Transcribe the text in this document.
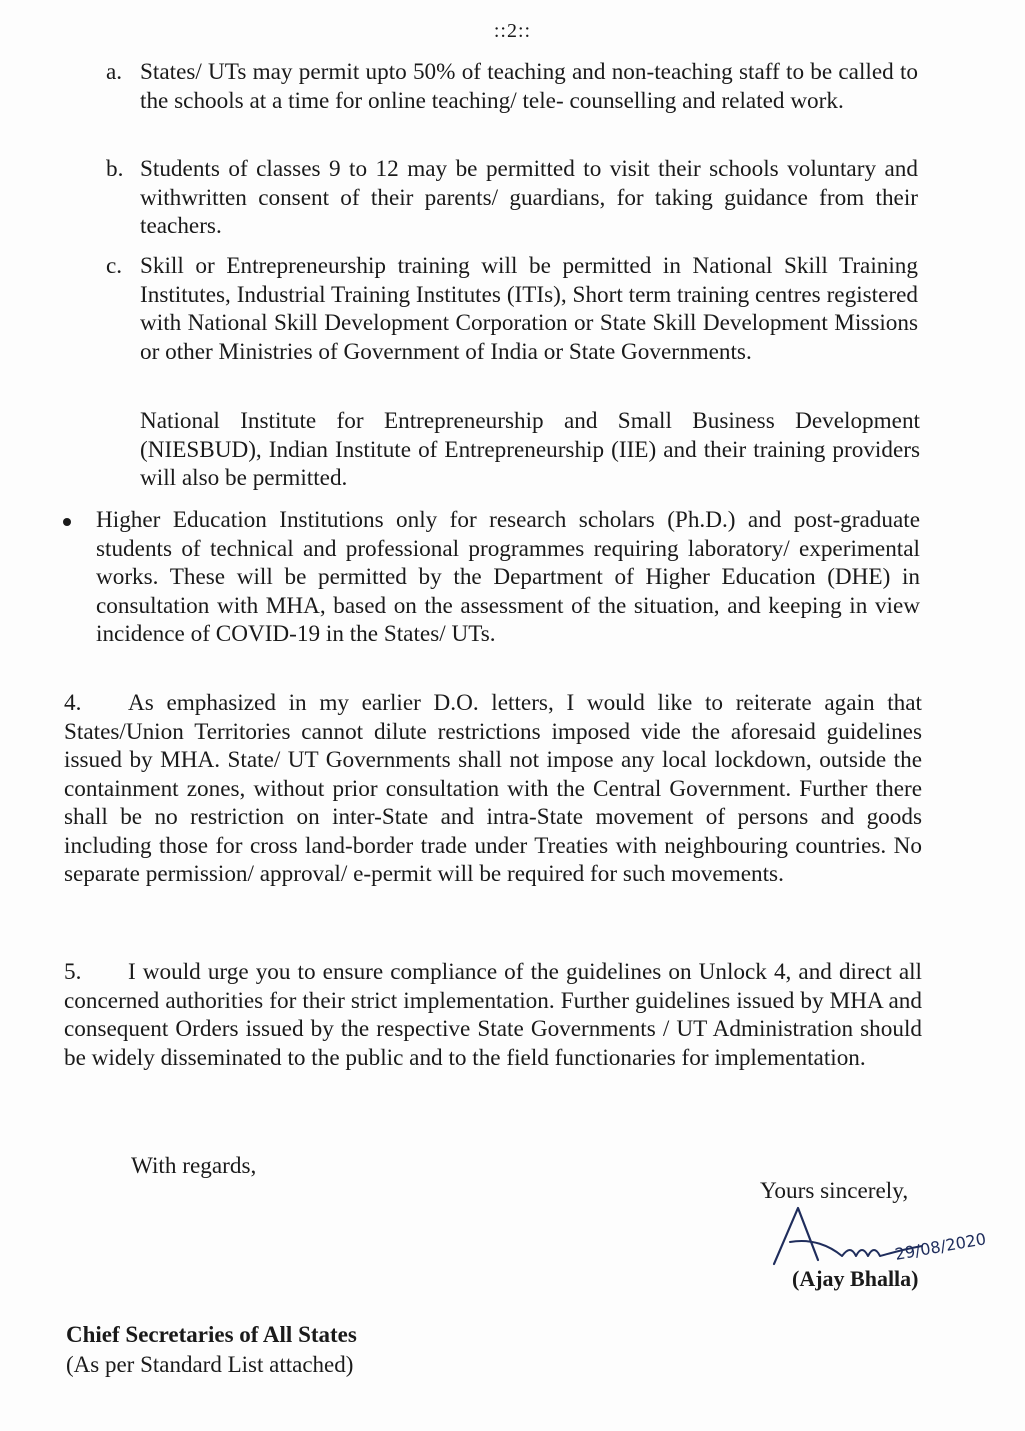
::2::
a. States/ UTs may permit upto 50% of teaching and non-teaching staff to be called to the schools at a time for online teaching/ tele- counselling and related work.
b. Students of classes 9 to 12 may be permitted to visit their schools voluntary and withwritten consent of their parents/ guardians, for taking guidance from their teachers.
c. Skill or Entrepreneurship training will be permitted in National Skill Training Institutes, Industrial Training Institutes (ITIs), Short term training centres registered with National Skill Development Corporation or State Skill Development Missions or other Ministries of Government of India or State Governments.
National Institute for Entrepreneurship and Small Business Development (NIESBUD), Indian Institute of Entrepreneurship (IIE) and their training providers will also be permitted.
Higher Education Institutions only for research scholars (Ph.D.) and post-graduate students of technical and professional programmes requiring laboratory/ experimental works. These will be permitted by the Department of Higher Education (DHE) in consultation with MHA, based on the assessment of the situation, and keeping in view incidence of COVID-19 in the States/ UTs.
4. As emphasized in my earlier D.O. letters, I would like to reiterate again that States/Union Territories cannot dilute restrictions imposed vide the aforesaid guidelines issued by MHA. State/ UT Governments shall not impose any local lockdown, outside the containment zones, without prior consultation with the Central Government. Further there shall be no restriction on inter-State and intra-State movement of persons and goods including those for cross land-border trade under Treaties with neighbouring countries. No separate permission/ approval/ e-permit will be required for such movements.
5. I would urge you to ensure compliance of the guidelines on Unlock 4, and direct all concerned authorities for their strict implementation. Further guidelines issued by MHA and consequent Orders issued by the respective State Governments / UT Administration should be widely disseminated to the public and to the field functionaries for implementation.
With regards,
Yours sincerely,
29/08/2020
(Ajay Bhalla)
Chief Secretaries of All States
(As per Standard List attached)
